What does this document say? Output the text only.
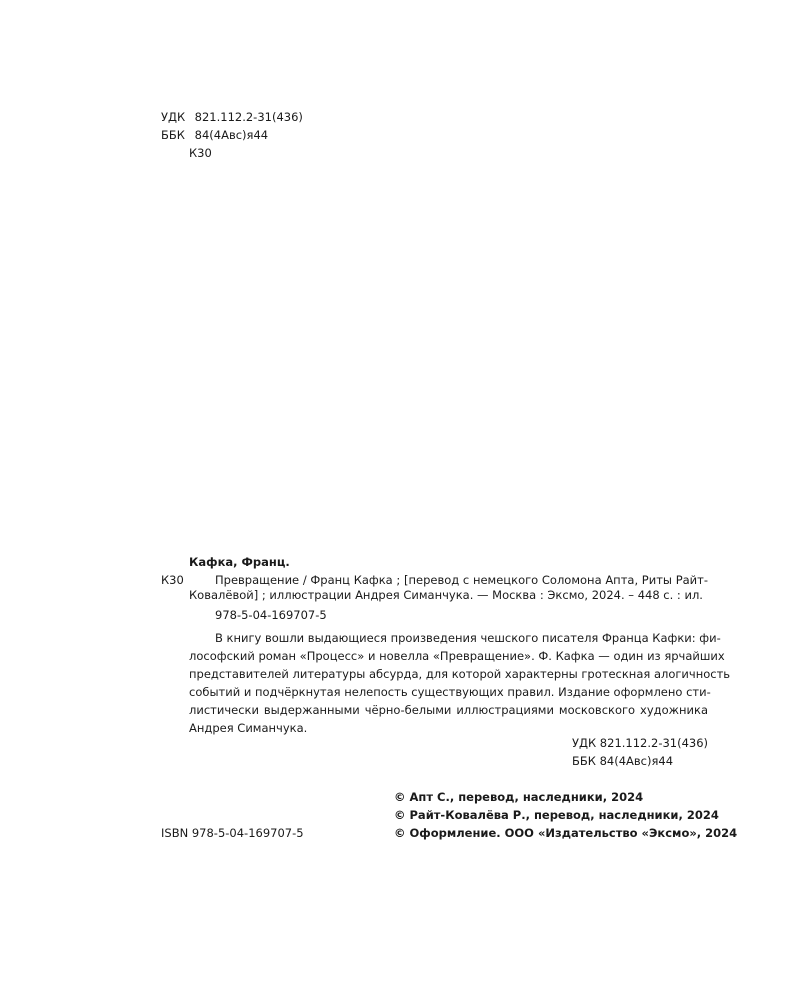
УДК 821.112.2-31(436)
ББК 84(4Авс)я44
К30
Кафка, Франц.
К30	Превращение / Франц Кафка ; [перевод с немецкого Соломона Апта, Риты Райт-
Ковалёвой] ; иллюстрации Андрея Симанчука. — Москва : Эксмо, 2024. – 448 с. : ил.
978-5-04-169707-5
В книгу вошли выдающиеся произведения чешского писателя Франца Кафки: фи-
лософский роман «Процесс» и новелла «Превращение». Ф. Кафка — один из ярчайших
представителей литературы абсурда, для которой характерны гротескная алогичность
событий и подчёркнутая нелепость существующих правил. Издание оформлено сти-
листически выдержанными чёрно-белыми иллюстрациями московского художника
Андрея Симанчука.
УДК 821.112.2-31(436)
ББК 84(4Авс)я44
© Апт С., перевод, наследники, 2024
© Райт-Ковалёва Р., перевод, наследники, 2024
© Оформление. ООО «Издательство «Эксмо», 2024
ISBN 978-5-04-169707-5
